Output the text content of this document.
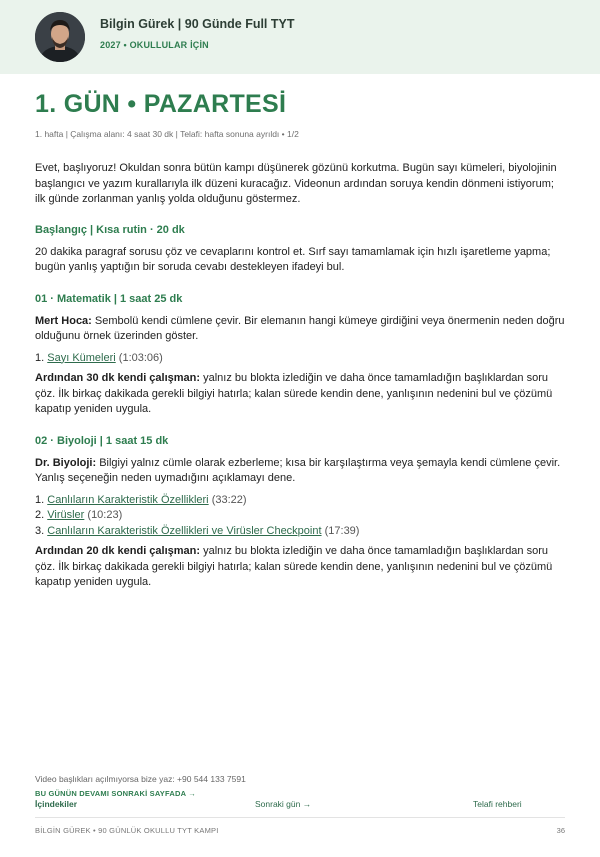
Bilgin Gürek | 90 Günde Full TYT
2027 • OKULLULAR İÇİN
1. GÜN • PAZARTESİ
1. hafta | Çalışma alanı: 4 saat 30 dk | Telafi: hafta sonuna ayrıldı • 1/2

Evet, başlıyoruz! Okuldan sonra bütün kampı düşünerek gözünü korkutma. Bugün sayı kümeleri, biyolojinin başlangıcı ve yazım kurallarıyla ilk düzeni kuracağız. Videonun ardından soruya kendin dönmeni istiyorum; ilk günde zorlanman yanlış yolda olduğunu göstermez.

Başlangıç | Kısa rutin · 20 dk

20 dakika paragraf sorusu çöz ve cevaplarını kontrol et. Sırf sayı tamamlamak için hızlı işaretleme yapma; bugün yanlış yaptığın bir soruda cevabı destekleyen ifadeyi bul.

01 · Matematik | 1 saat 25 dk

Mert Hoca: Sembolü kendi cümlene çevir. Bir elemanın hangi kümeye girdiğini veya önermenin neden doğru olduğunu örnek üzerinden göster.

1. Sayı Kümeleri (1:03:06)

Ardından 30 dk kendi çalışman: yalnız bu blokta izlediğin ve daha önce tamamladığın başlıklardan soru çöz. İlk birkaç dakikada gerekli bilgiyi hatırla; kalan sürede kendin dene, yanlışının nedenini bul ve çözümü kapatıp yeniden uygula.

02 · Biyoloji | 1 saat 15 dk

Dr. Biyoloji: Bilgiyi yalnız cümle olarak ezberleme; kısa bir karşılaştırma veya şemayla kendi cümlene çevir. Yanlış seçeneğin neden uymadığını açıklamayı dene.

1. Canlıların Karakteristik Özellikleri (33:22)
2. Virüsler (10:23)
3. Canlıların Karakteristik Özellikleri ve Virüsler Checkpoint (17:39)

Ardından 20 dk kendi çalışman: yalnız bu blokta izlediğin ve daha önce tamamladığın başlıklardan soru çöz. İlk birkaç dakikada gerekli bilgiyi hatırla; kalan sürede kendin dene, yanlışının nedenini bul ve çözümü kapatıp yeniden uygula.

Video başlıkları açılmıyorsa bize yaz: +90 544 133 7591
BU GÜNÜN DEVAMI SONRAKİ SAYFADA →
İçindekiler	Sonraki gün →	Telafi rehberi
BİLGİN GÜREK • 90 GÜNLÜK OKULLU TYT KAMPI	36
